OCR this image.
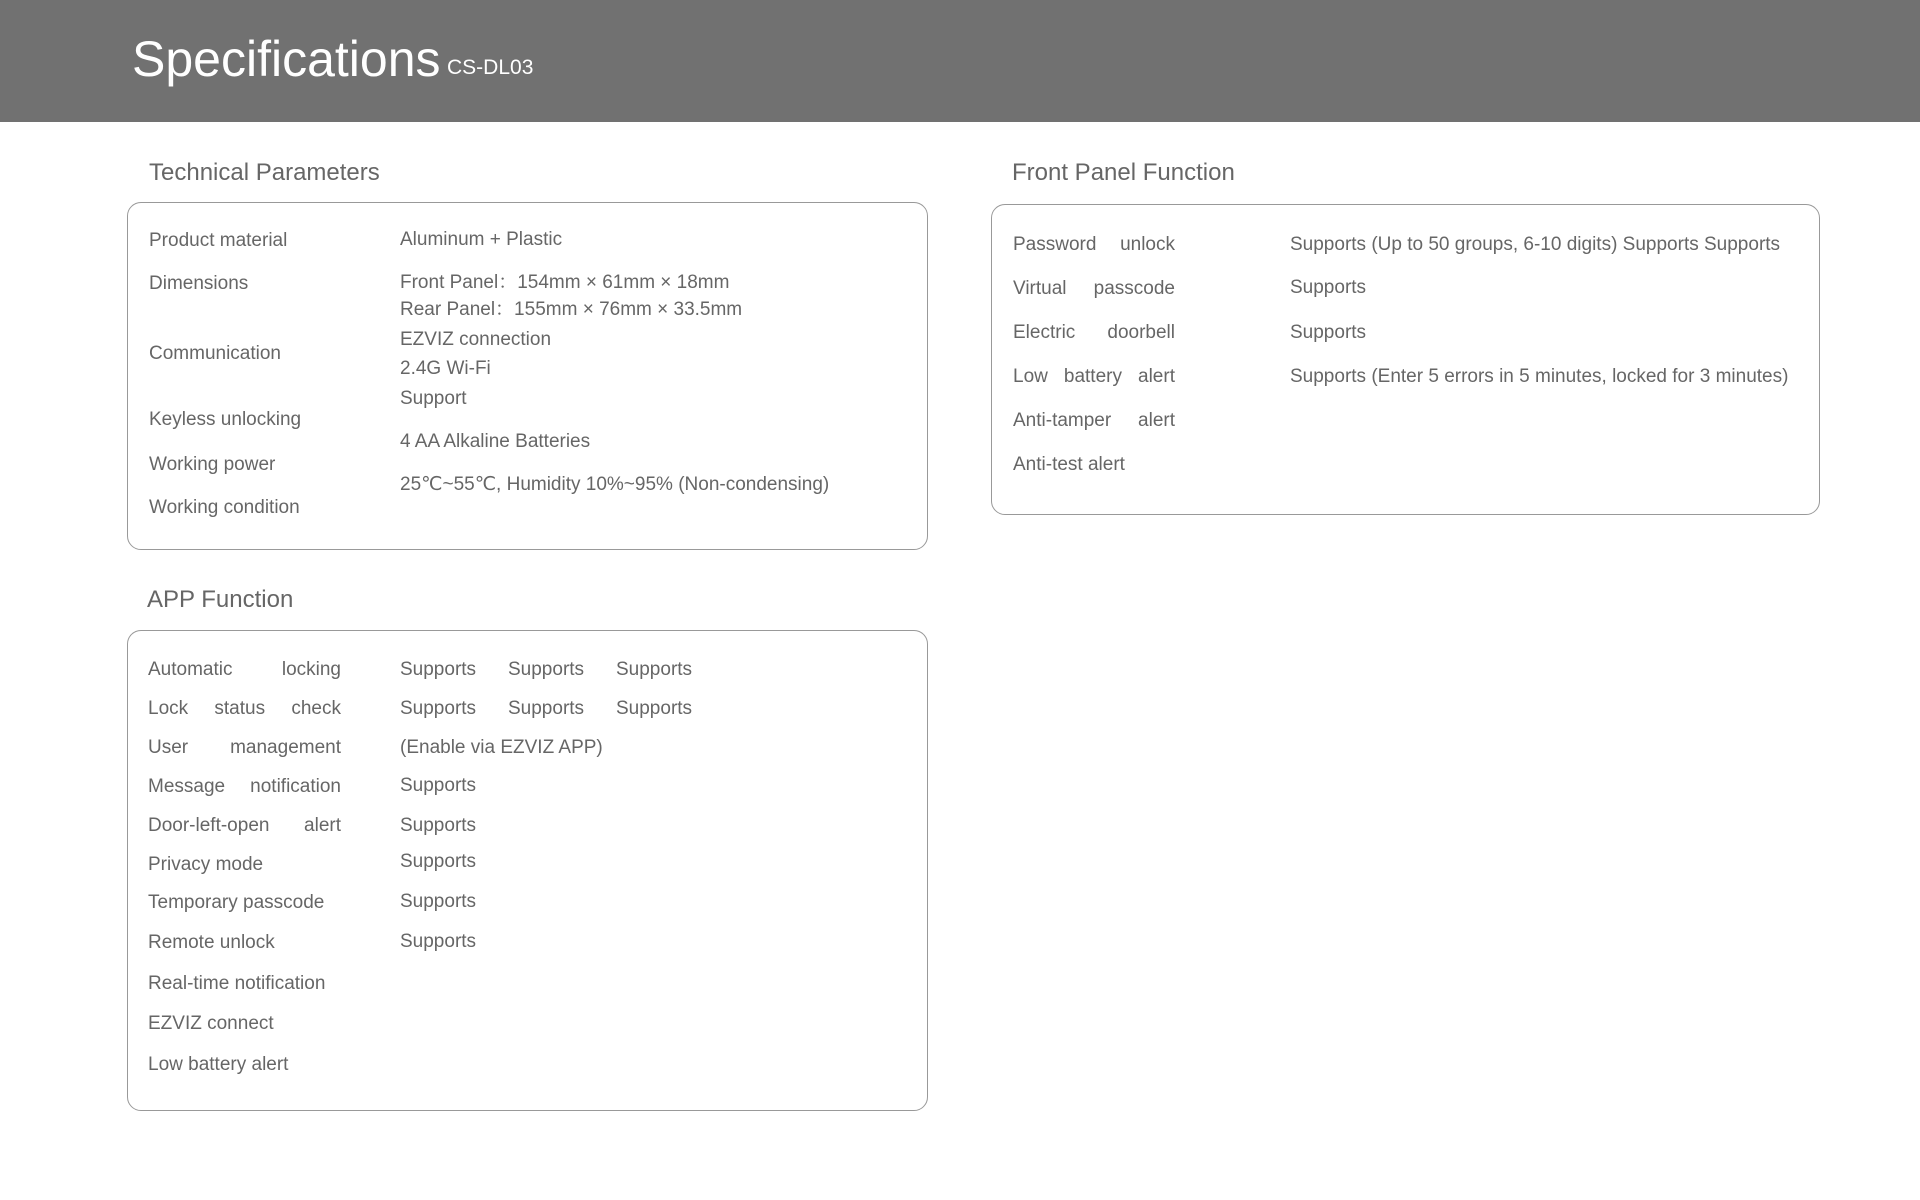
Specifications CS-DL03
Technical Parameters
Product material
Dimensions
Communication
Keyless unlocking
Working power
Working condition
Aluminum + Plastic
Front Panel：154mm × 61mm × 18mm
Rear Panel：155mm × 76mm × 33.5mm
EZVIZ connection
2.4G Wi-Fi
Support
4 AA Alkaline Batteries
25℃~55℃, Humidity 10%~95% (Non-condensing)
Front Panel Function
Password unlock
Virtual passcode
Electric doorbell
Low battery alert
Anti-tamper alert
Anti-test alert
Supports (Up to 50 groups, 6-10 digits) Supports Supports
Supports
Supports
Supports (Enter 5 errors in 5 minutes, locked for 3 minutes)
APP Function
Automatic	locking
Lock status check
User management
Message notification
Door-left-open alert
Privacy mode
Temporary passcode
Remote unlock
Real-time notification
EZVIZ connect
Low battery alert
Supports Supports Supports
Supports Supports Supports
(Enable via EZVIZ APP)
Supports
Supports
Supports
Supports
Supports
